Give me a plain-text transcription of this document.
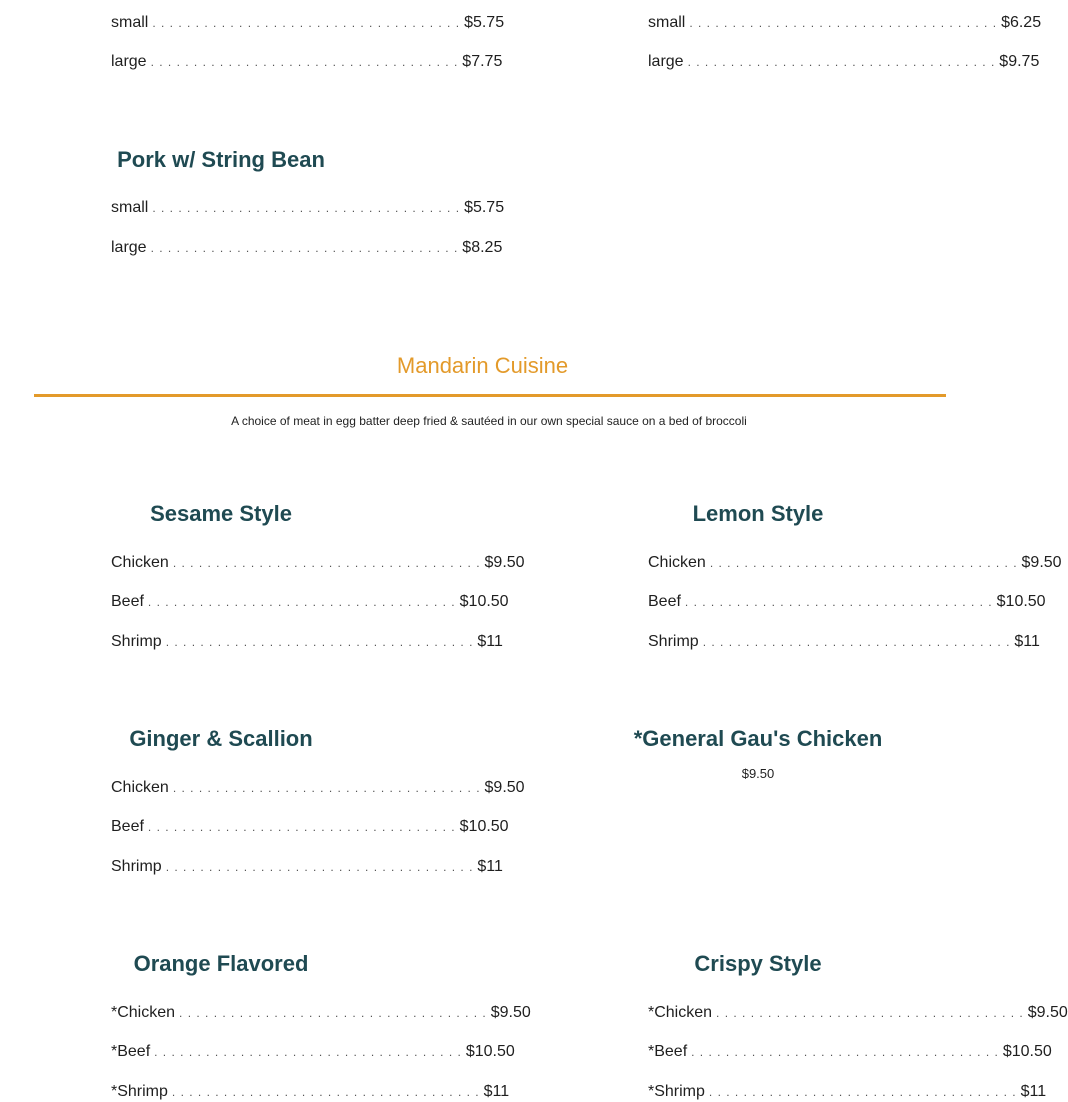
small . . . . . . . . . . . . . . . . . . . . . . . . . . . . . . . . . . . . $5.75
large . . . . . . . . . . . . . . . . . . . . . . . . . . . . . . . . . . . . $7.75
small . . . . . . . . . . . . . . . . . . . . . . . . . . . . . . . . . . . . $6.25
large . . . . . . . . . . . . . . . . . . . . . . . . . . . . . . . . . . . . $9.75
Pork w/ String Bean
small . . . . . . . . . . . . . . . . . . . . . . . . . . . . . . . . . . . . $5.75
large . . . . . . . . . . . . . . . . . . . . . . . . . . . . . . . . . . . . $8.25
Mandarin Cuisine
A choice of meat in egg batter deep fried & sautéed in our own special sauce on a bed of broccoli
Sesame Style
Chicken . . . . . . . . . . . . . . . . . . . . . . . . . . . . . . . . . . . . $9.50
Beef . . . . . . . . . . . . . . . . . . . . . . . . . . . . . . . . . . . . $10.50
Shrimp . . . . . . . . . . . . . . . . . . . . . . . . . . . . . . . . . . . . $11
Lemon Style
Chicken . . . . . . . . . . . . . . . . . . . . . . . . . . . . . . . . . . . . $9.50
Beef . . . . . . . . . . . . . . . . . . . . . . . . . . . . . . . . . . . . $10.50
Shrimp . . . . . . . . . . . . . . . . . . . . . . . . . . . . . . . . . . . . $11
Ginger & Scallion
Chicken . . . . . . . . . . . . . . . . . . . . . . . . . . . . . . . . . . . . $9.50
Beef . . . . . . . . . . . . . . . . . . . . . . . . . . . . . . . . . . . . $10.50
Shrimp . . . . . . . . . . . . . . . . . . . . . . . . . . . . . . . . . . . . $11
*General Gau's Chicken
$9.50
Orange Flavored
*Chicken . . . . . . . . . . . . . . . . . . . . . . . . . . . . . . . . . . . . $9.50
*Beef . . . . . . . . . . . . . . . . . . . . . . . . . . . . . . . . . . . . $10.50
*Shrimp . . . . . . . . . . . . . . . . . . . . . . . . . . . . . . . . . . . . $11
Crispy Style
*Chicken . . . . . . . . . . . . . . . . . . . . . . . . . . . . . . . . . . . . $9.50
*Beef . . . . . . . . . . . . . . . . . . . . . . . . . . . . . . . . . . . . $10.50
*Shrimp . . . . . . . . . . . . . . . . . . . . . . . . . . . . . . . . . . . . $11
